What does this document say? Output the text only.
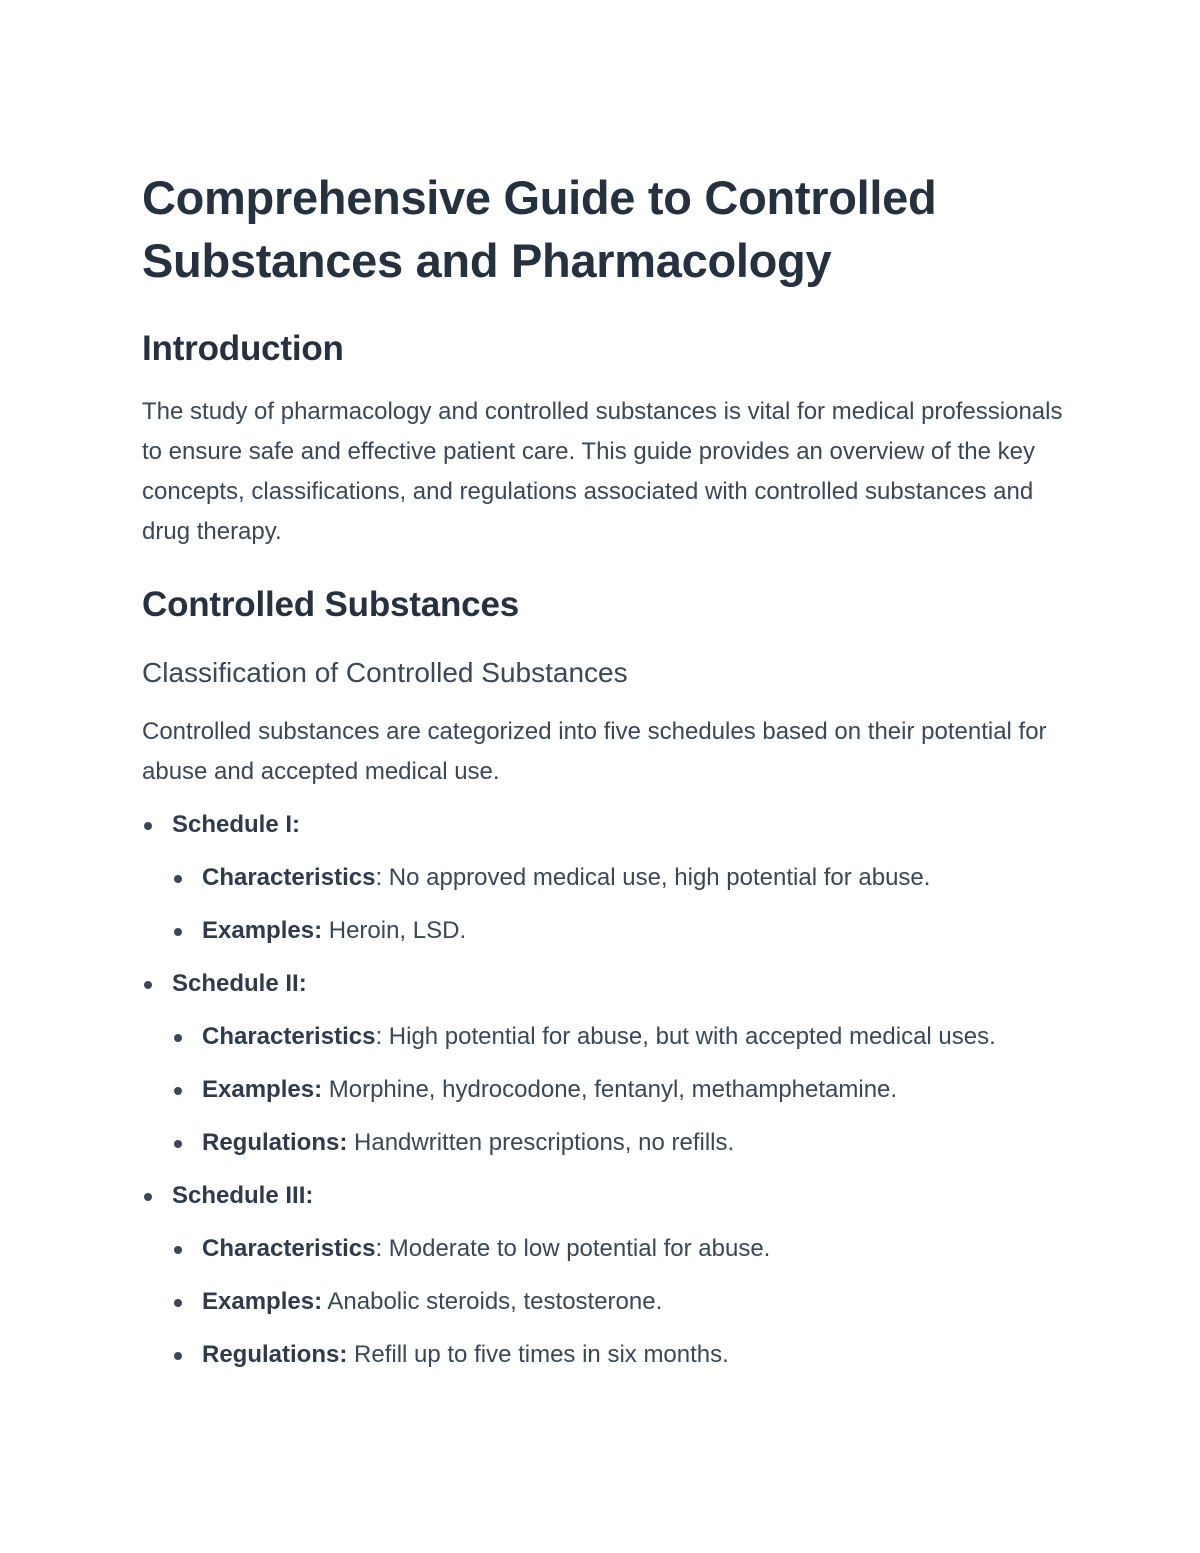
Comprehensive Guide to Controlled Substances and Pharmacology
Introduction

The study of pharmacology and controlled substances is vital for medical professionals to ensure safe and effective patient care. This guide provides an overview of the key concepts, classifications, and regulations associated with controlled substances and drug therapy.

Controlled Substances
Classification of Controlled Substances

Controlled substances are categorized into five schedules based on their potential for abuse and accepted medical use.

Schedule I:
Characteristics: No approved medical use, high potential for abuse.
Examples: Heroin, LSD.
Schedule II:
Characteristics: High potential for abuse, but with accepted medical uses.
Examples: Morphine, hydrocodone, fentanyl, methamphetamine.
Regulations: Handwritten prescriptions, no refills.
Schedule III:
Characteristics: Moderate to low potential for abuse.
Examples: Anabolic steroids, testosterone.
Regulations: Refill up to five times in six months.
